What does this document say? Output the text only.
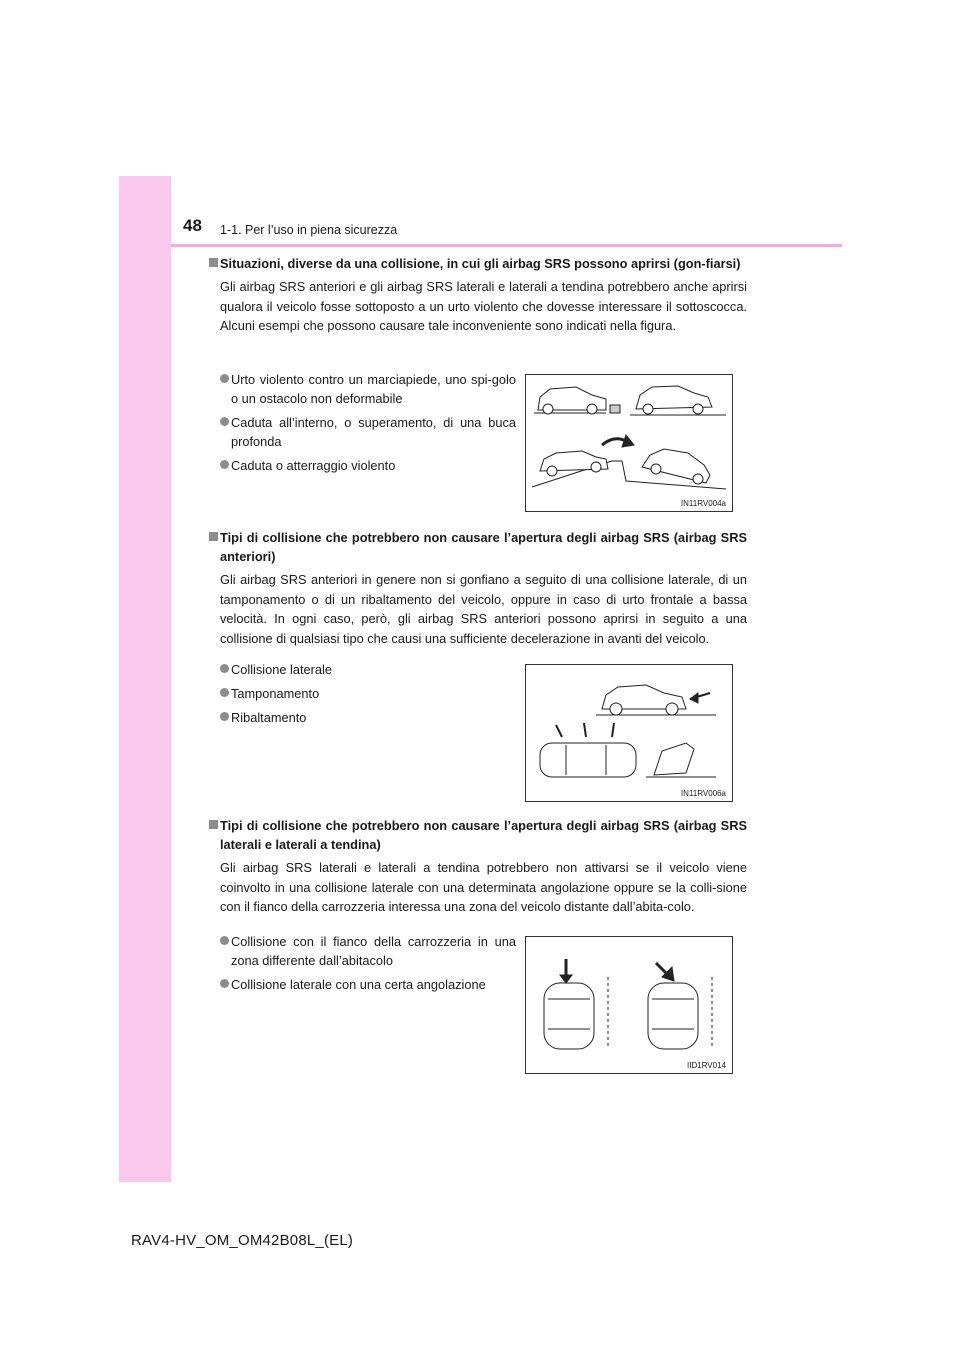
48 1-1. Per l’uso in piena sicurezza
Situazioni, diverse da una collisione, in cui gli airbag SRS possono aprirsi (gon-fiarsi)
Gli airbag SRS anteriori e gli airbag SRS laterali e laterali a tendina potrebbero anche aprirsi qualora il veicolo fosse sottoposto a un urto violento che dovesse interessare il sottoscocca. Alcuni esempi che possono causare tale inconveniente sono indicati nella figura.
Urto violento contro un marciapiede, uno spi-golo o un ostacolo non deformabile
Caduta all’interno, o superamento, di una buca profonda
Caduta o atterraggio violento
Tipi di collisione che potrebbero non causare l’apertura degli airbag SRS (airbag SRS anteriori)
Gli airbag SRS anteriori in genere non si gonfiano a seguito di una collisione laterale, di un tamponamento o di un ribaltamento del veicolo, oppure in caso di urto frontale a bassa velocità. In ogni caso, però, gli airbag SRS anteriori possono aprirsi in seguito a una collisione di qualsiasi tipo che causi una sufficiente decelerazione in avanti del veicolo.
Collisione laterale
Tamponamento
Ribaltamento
Tipi di collisione che potrebbero non causare l’apertura degli airbag SRS (airbag SRS laterali e laterali a tendina)
Gli airbag SRS laterali e laterali a tendina potrebbero non attivarsi se il veicolo viene coinvolto in una collisione laterale con una determinata angolazione oppure se la colli-sione con il fianco della carrozzeria interessa una zona del veicolo distante dall’abita-colo.
Collisione con il fianco della carrozzeria in una zona differente dall’abitacolo
Collisione laterale con una certa angolazione
IN11RV004a
IN11RV006a
IID1RV014
RAV4-HV_OM_OM42B08L_(EL)
